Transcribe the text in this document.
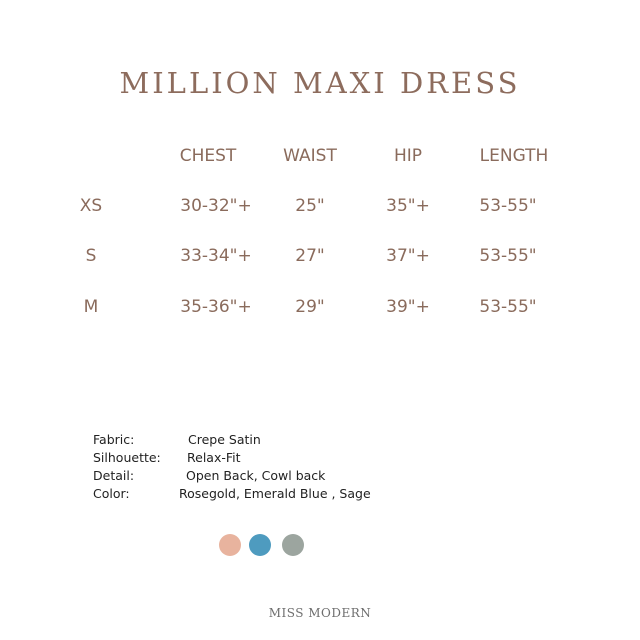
MILLION MAXI DRESS
CHEST	WAIST	HIP	LENGTH
XS	30-32"+	25"	35"+	53-55"
S	33-34"+	27"	37"+	53-55"
M	35-36"+	29"	39"+	53-55"
Fabric:	Crepe Satin
Silhouette: Relax-Fit
Detail:	Open Back, Cowl back
Color:	Rosegold, Emerald Blue , Sage
MISS MODERN
